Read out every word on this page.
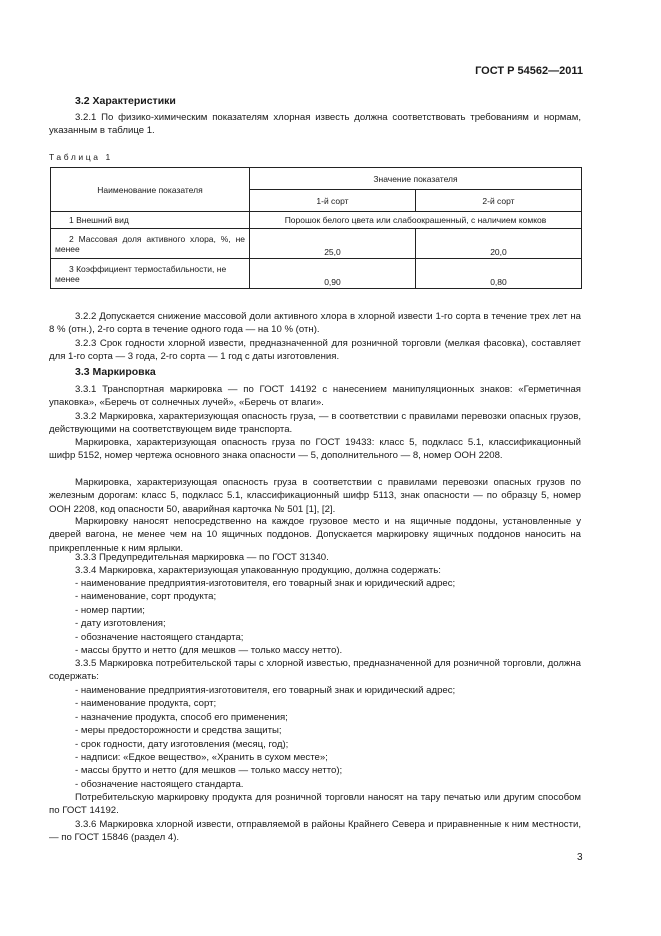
ГОСТ Р 54562—2011
3.2 Характеристики
3.2.1 По физико-химическим показателям хлорная известь должна соответствовать требованиям и нормам, указанным в таблице 1.
Таблица 1
Наименование показателя	Значение показателя	
	1-й сорт	2-й сорт
1 Внешний вид	Порошок белого цвета или слабоокрашенный, с наличием комков	
2 Массовая доля активного хлора, %, не менее	25,0	20,0
3 Коэффициент термостабильности, не менее	0,90	0,80
3.2.2 Допускается снижение массовой доли активного хлора в хлорной извести 1-го сорта в течение трех лет на 8 % (отн.), 2-го сорта в течение одного года — на 10 % (отн).
3.2.3 Срок годности хлорной извести, предназначенной для розничной торговли (мелкая фасовка), составляет для 1-го сорта — 3 года, 2-го сорта — 1 год с даты изготовления.
3.3 Маркировка
3.3.1 Транспортная маркировка — по ГОСТ 14192 с нанесением манипуляционных знаков: «Герметичная упаковка», «Беречь от солнечных лучей», «Беречь от влаги».
3.3.2 Маркировка, характеризующая опасность груза, — в соответствии с правилами перевозки опасных грузов, действующими на соответствующем виде транспорта.
Маркировка, характеризующая опасность груза по ГОСТ 19433: класс 5, подкласс 5.1, классификационный шифр 5152, номер чертежа основного знака опасности — 5, дополнительного — 8, номер ООН 2208.
Маркировка, характеризующая опасность груза в соответствии с правилами перевозки опасных грузов по железным дорогам: класс 5, подкласс 5.1, классификационный шифр 5113, знак опасности — по образцу 5, номер ООН 2208, код опасности 50, аварийная карточка № 501 [1], [2].
Маркировку наносят непосредственно на каждое грузовое место и на ящичные поддоны, установленные у дверей вагона, не менее чем на 10 ящичных поддонов. Допускается маркировку ящичных поддонов наносить на прикрепленные к ним ярлыки.
3.3.3 Предупредительная маркировка — по ГОСТ 31340.
3.3.4 Маркировка, характеризующая упакованную продукцию, должна содержать:
- наименование предприятия-изготовителя, его товарный знак и юридический адрес;
- наименование, сорт продукта;
- номер партии;
- дату изготовления;
- обозначение настоящего стандарта;
- массы брутто и нетто (для мешков — только массу нетто).
3.3.5 Маркировка потребительской тары с хлорной известью, предназначенной для розничной торговли, должна содержать:
- наименование предприятия-изготовителя, его товарный знак и юридический адрес;
- наименование продукта, сорт;
- назначение продукта, способ его применения;
- меры предосторожности и средства защиты;
- срок годности, дату изготовления (месяц, год);
- надписи: «Едкое вещество», «Хранить в сухом месте»;
- массы брутто и нетто (для мешков — только массу нетто);
- обозначение настоящего стандарта.
Потребительскую маркировку продукта для розничной торговли наносят на тару печатью или другим способом по ГОСТ 14192.
3.3.6 Маркировка хлорной извести, отправляемой в районы Крайнего Севера и приравненные к ним местности, — по ГОСТ 15846 (раздел 4).
3
